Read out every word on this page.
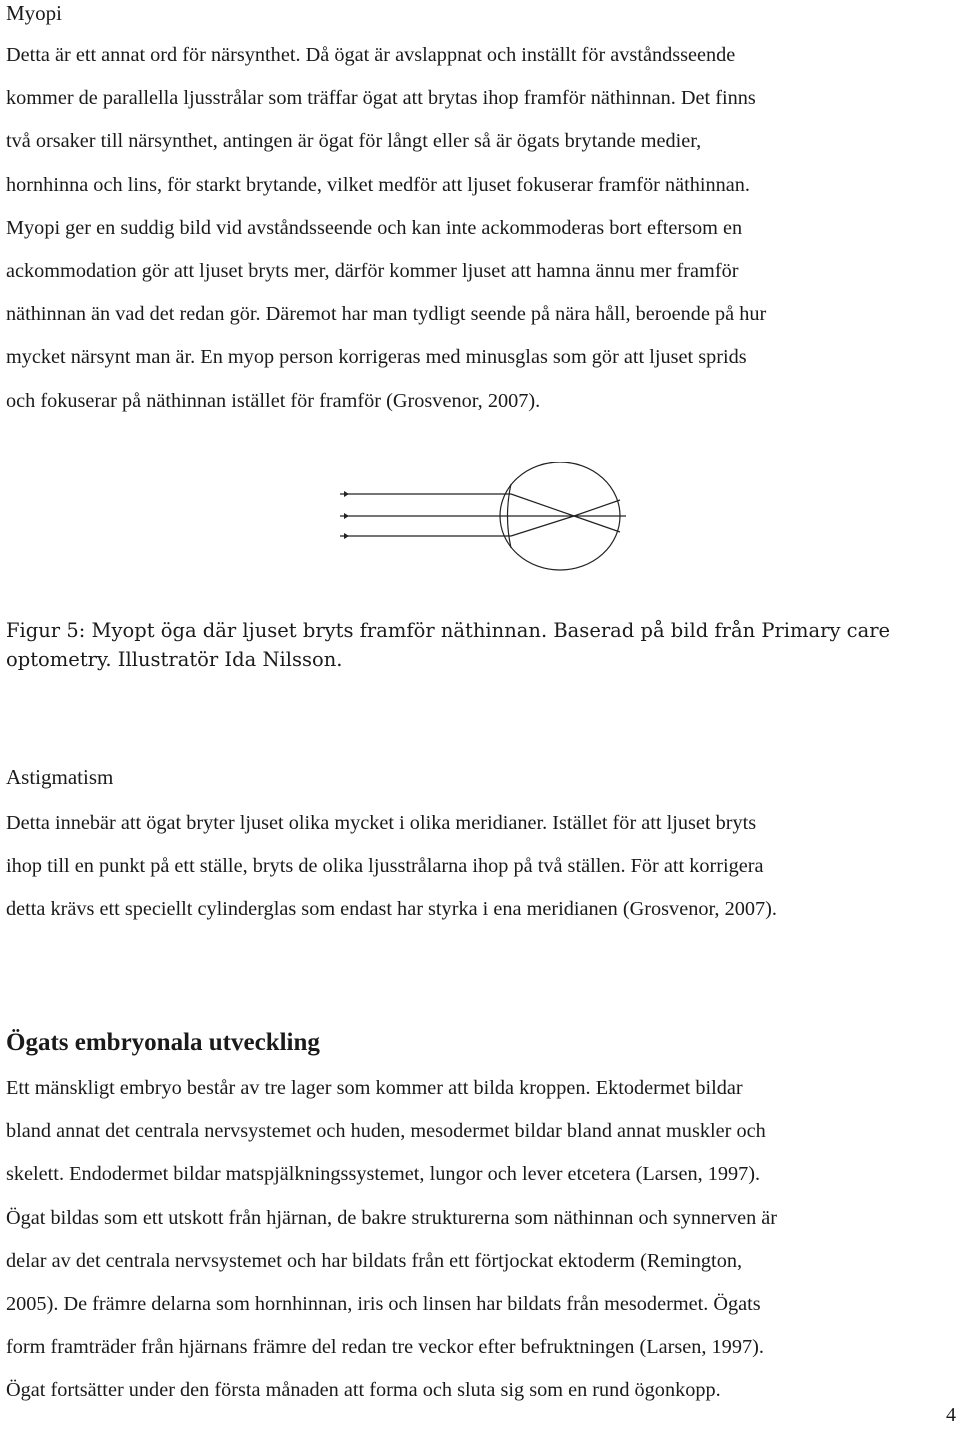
Myopi
Detta är ett annat ord för närsynthet. Då ögat är avslappnat och inställt för avståndsseende
kommer de parallella ljusstrålar som träffar ögat att brytas ihop framför näthinnan. Det finns
två orsaker till närsynthet, antingen är ögat för långt eller så är ögats brytande medier,
hornhinna och lins, för starkt brytande, vilket medför att ljuset fokuserar framför näthinnan.
Myopi ger en suddig bild vid avståndsseende och kan inte ackommoderas bort eftersom en
ackommodation gör att ljuset bryts mer, därför kommer ljuset att hamna ännu mer framför
näthinnan än vad det redan gör. Däremot har man tydligt seende på nära håll, beroende på hur
mycket närsynt man är. En myop person korrigeras med minusglas som gör att ljuset sprids
och fokuserar på näthinnan istället för framför (Grosvenor, 2007).
Figur 5: Myopt öga där ljuset bryts framför näthinnan. Baserad på bild från Primary care
optometry. Illustratör Ida Nilsson.
Astigmatism
Detta innebär att ögat bryter ljuset olika mycket i olika meridianer. Istället för att ljuset bryts
ihop till en punkt på ett ställe, bryts de olika ljusstrålarna ihop på två ställen. För att korrigera
detta krävs ett speciellt cylinderglas som endast har styrka i ena meridianen (Grosvenor, 2007).
Ögats embryonala utveckling
Ett mänskligt embryo består av tre lager som kommer att bilda kroppen. Ektodermet bildar
bland annat det centrala nervsystemet och huden, mesodermet bildar bland annat muskler och
skelett. Endodermet bildar matspjälkningssystemet, lungor och lever etcetera (Larsen, 1997).
Ögat bildas som ett utskott från hjärnan, de bakre strukturerna som näthinnan och synnerven är
delar av det centrala nervsystemet och har bildats från ett förtjockat ektoderm (Remington,
2005). De främre delarna som hornhinnan, iris och linsen har bildats från mesodermet. Ögats
form framträder från hjärnans främre del redan tre veckor efter befruktningen (Larsen, 1997).
Ögat fortsätter under den första månaden att forma och sluta sig som en rund ögonkopp.
4
